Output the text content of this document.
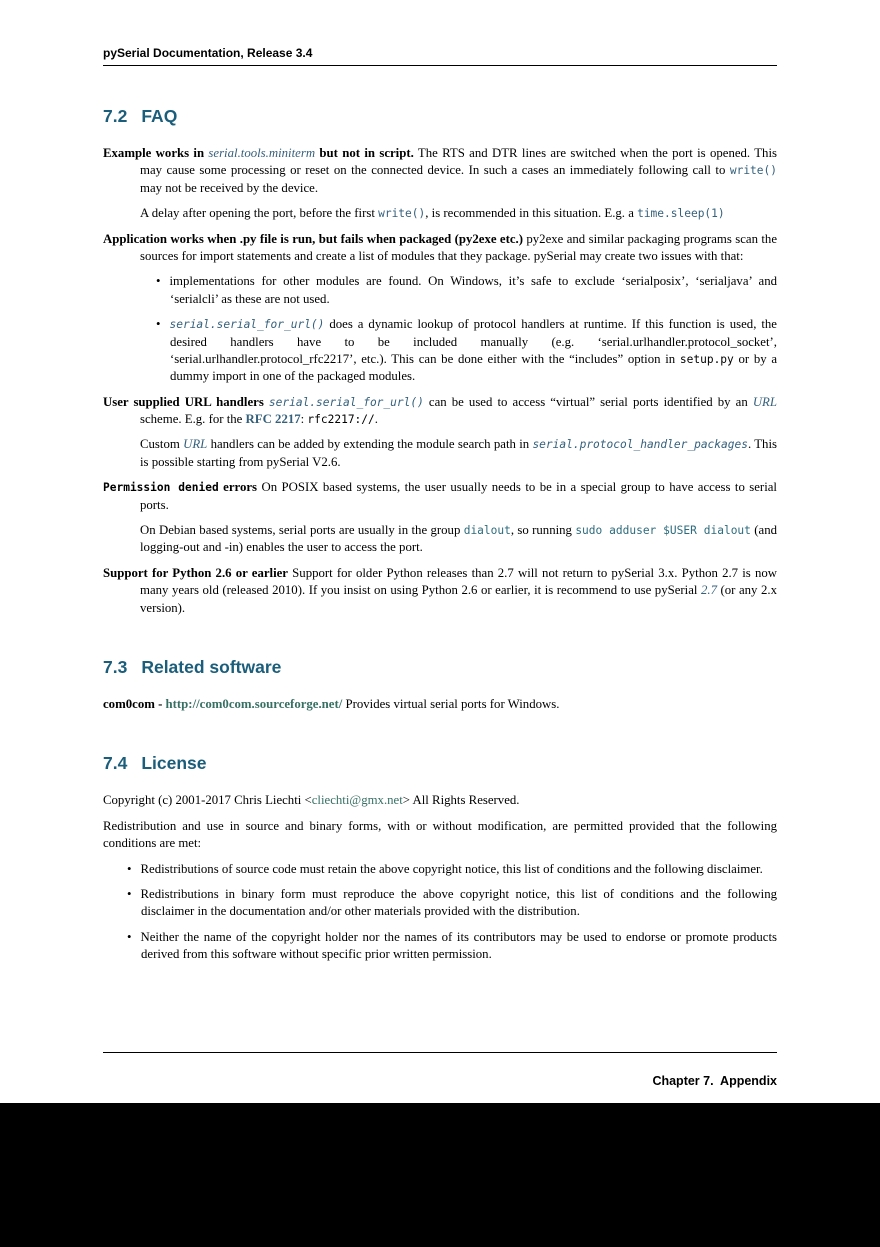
pySerial Documentation, Release 3.4
7.2 FAQ
Example works in serial.tools.miniterm but not in script. The RTS and DTR lines are switched when the port is opened. This may cause some processing or reset on the connected device. In such a cases an immediately following call to write() may not be received by the device.
A delay after opening the port, before the first write(), is recommended in this situation. E.g. a time.sleep(1)
Application works when .py file is run, but fails when packaged (py2exe etc.) py2exe and similar packaging programs scan the sources for import statements and create a list of modules that they package. pySerial may create two issues with that:
• implementations for other modules are found. On Windows, it’s safe to exclude ‘serialposix’, ‘serialjava’ and ‘serialcli’ as these are not used.
• serial.serial_for_url() does a dynamic lookup of protocol handlers at runtime. If this function is used, the desired handlers have to be included manually (e.g. ‘serial.urlhandler.protocol_socket’, ‘serial.urlhandler.protocol_rfc2217’, etc.). This can be done either with the “includes” option in setup.py or by a dummy import in one of the packaged modules.
User supplied URL handlers serial.serial_for_url() can be used to access “virtual” serial ports identified by an URL scheme. E.g. for the RFC 2217: rfc2217://.
Custom URL handlers can be added by extending the module search path in serial.protocol_handler_packages. This is possible starting from pySerial V2.6.
Permission denied errors On POSIX based systems, the user usually needs to be in a special group to have access to serial ports.
On Debian based systems, serial ports are usually in the group dialout, so running sudo adduser $USER dialout (and logging-out and -in) enables the user to access the port.
Support for Python 2.6 or earlier Support for older Python releases than 2.7 will not return to pySerial 3.x. Python 2.7 is now many years old (released 2010). If you insist on using Python 2.6 or earlier, it is recommend to use pySerial 2.7 (or any 2.x version).
7.3 Related software
com0com - http://com0com.sourceforge.net/ Provides virtual serial ports for Windows.
7.4 License
Copyright (c) 2001-2017 Chris Liechti <cliechti@gmx.net> All Rights Reserved.
Redistribution and use in source and binary forms, with or without modification, are permitted provided that the following conditions are met:
• Redistributions of source code must retain the above copyright notice, this list of conditions and the following disclaimer.
• Redistributions in binary form must reproduce the above copyright notice, this list of conditions and the following disclaimer in the documentation and/or other materials provided with the distribution.
• Neither the name of the copyright holder nor the names of its contributors may be used to endorse or promote products derived from this software without specific prior written permission.

Chapter 7.  Appendix
